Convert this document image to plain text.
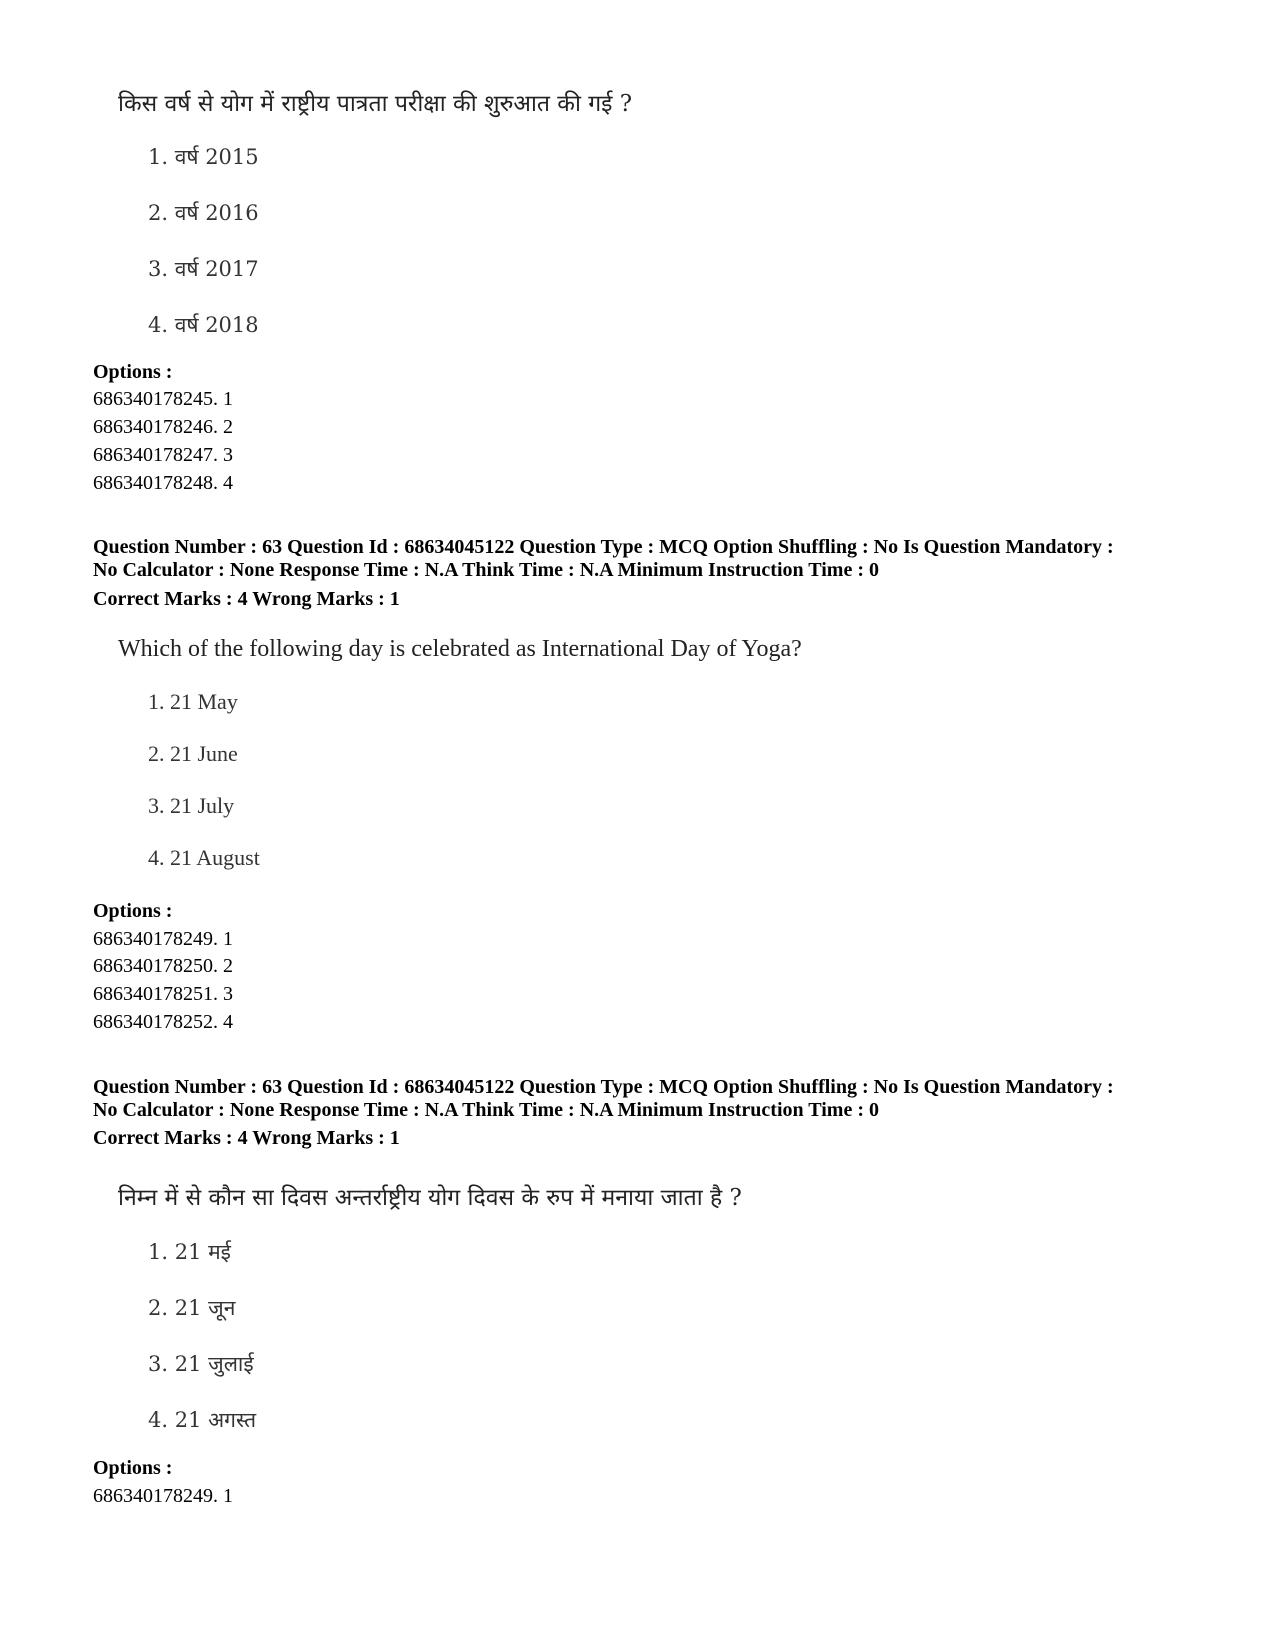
किस वर्ष से योग में राष्ट्रीय पात्रता परीक्षा की शुरुआत की गई ?
1. वर्ष 2015
2. वर्ष 2016
3. वर्ष 2017
4. वर्ष 2018
Options :
686340178245. 1
686340178246. 2
686340178247. 3
686340178248. 4
Question Number : 63 Question Id : 68634045122 Question Type : MCQ Option Shuffling : No Is Question Mandatory :
No Calculator : None Response Time : N.A Think Time : N.A Minimum Instruction Time : 0
Correct Marks : 4 Wrong Marks : 1
Which of the following day is celebrated as International Day of Yoga?
1. 21 May
2. 21 June
3. 21 July
4. 21 August
Options :
686340178249. 1
686340178250. 2
686340178251. 3
686340178252. 4
Question Number : 63 Question Id : 68634045122 Question Type : MCQ Option Shuffling : No Is Question Mandatory :
No Calculator : None Response Time : N.A Think Time : N.A Minimum Instruction Time : 0
Correct Marks : 4 Wrong Marks : 1
निम्न में से कौन सा दिवस अन्तर्राष्ट्रीय योग दिवस के रुप में मनाया जाता है ?
1. 21 मई
2. 21 जून
3. 21 जुलाई
4. 21 अगस्त
Options :
686340178249. 1
